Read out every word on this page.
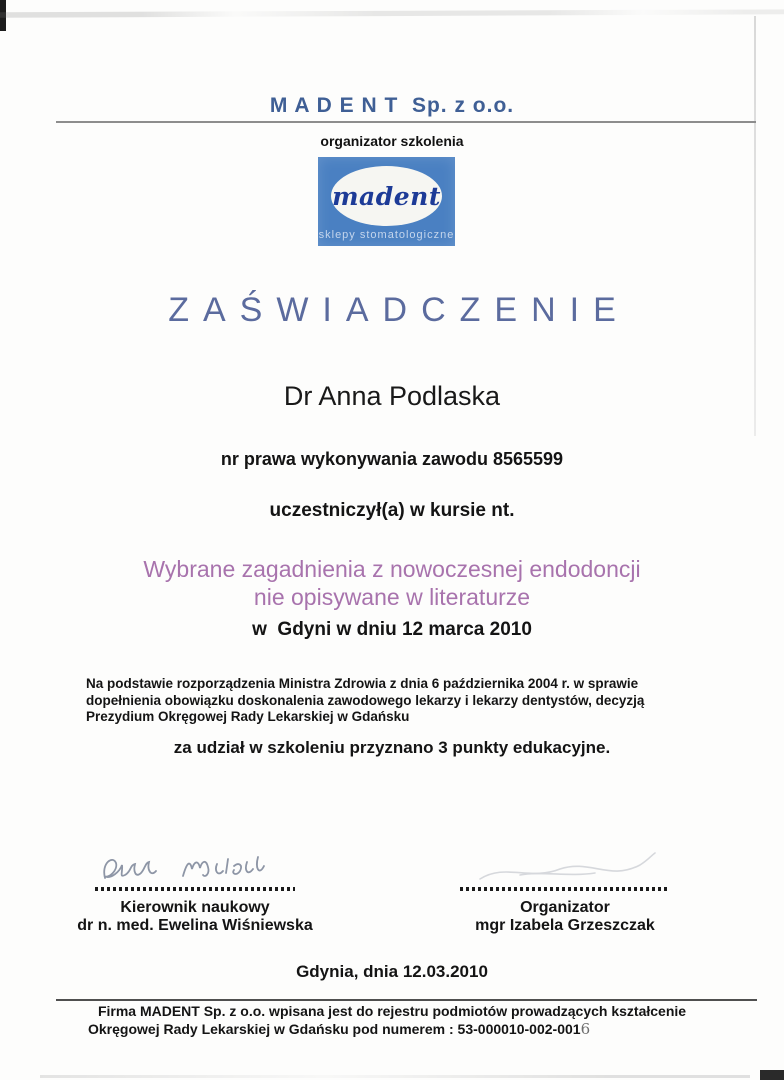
M A D E N T  Sp. z o.o.
organizator szkolenia
madent
sklepy stomatologiczne
ZAŚWIADCZENIE
Dr Anna Podlaska
nr prawa wykonywania zawodu 8565599
uczestniczył(a) w kursie nt.
Wybrane zagadnienia z nowoczesnej endodoncji
nie opisywane w literaturze
w  Gdyni w dniu 12 marca 2010
Na podstawie rozporządzenia Ministra Zdrowia z dnia 6 października 2004 r. w sprawie
dopełnienia obowiązku doskonalenia zawodowego lekarzy i lekarzy dentystów, decyzją
Prezydium Okręgowej Rady Lekarskiej w Gdańsku
za udział w szkoleniu przyznano 3 punkty edukacyjne.
Kierownik naukowy
dr n. med. Ewelina Wiśniewska
Organizator
mgr Izabela Grzeszczak
Gdynia, dnia 12.03.2010
Firma MADENT Sp. z o.o. wpisana jest do rejestru podmiotów prowadzących kształcenie
Okręgowej Rady Lekarskiej w Gdańsku pod numerem : 53-000010-002-0016
